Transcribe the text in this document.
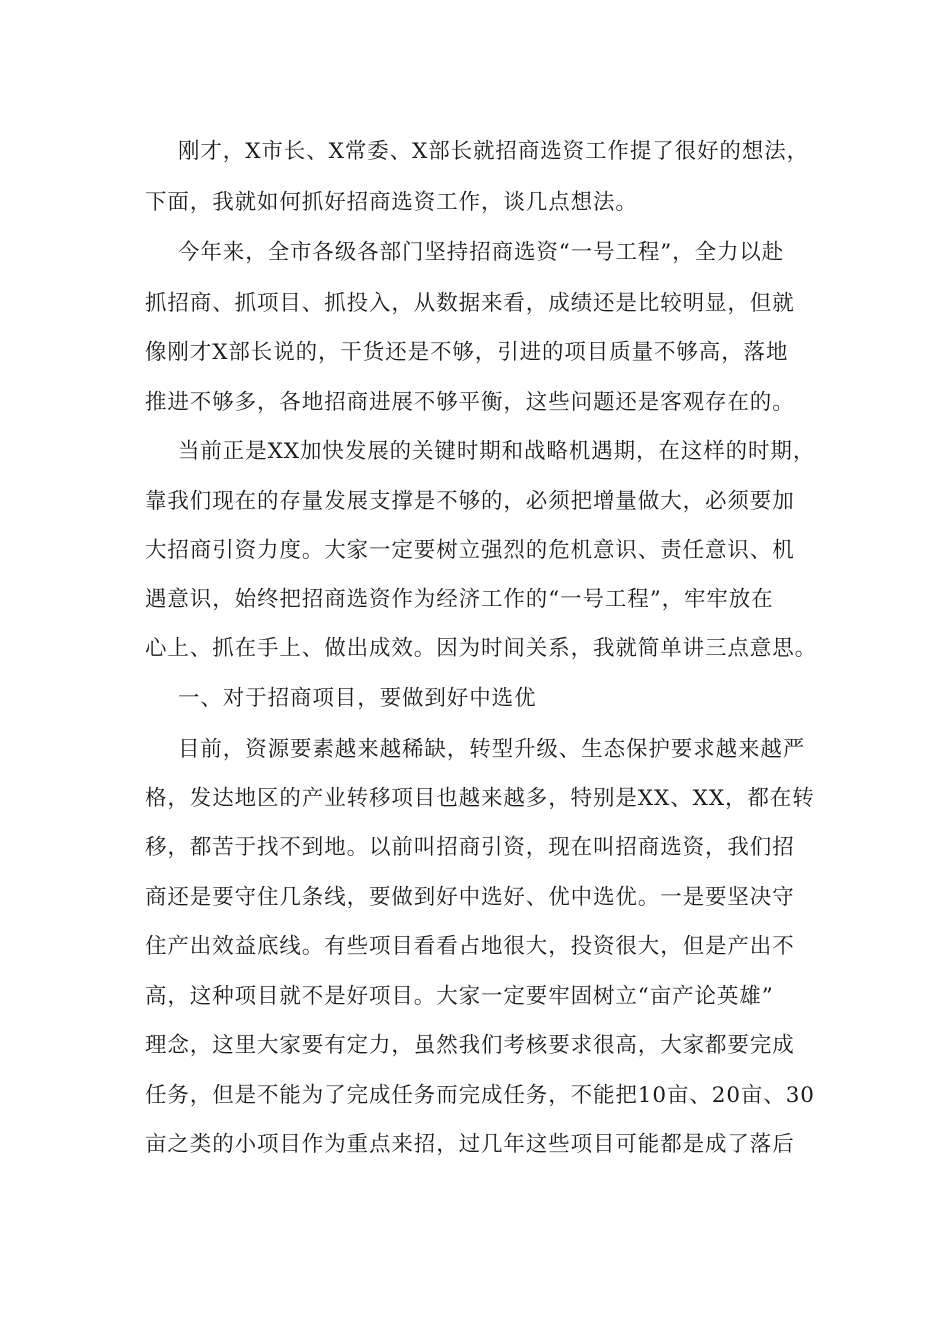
刚才，X市长、X常委、X部长就招商选资工作提了很好的想法，
下面，我就如何抓好招商选资工作，谈几点想法。
今年来，全市各级各部门坚持招商选资“一号工程”，全力以赴
抓招商、抓项目、抓投入，从数据来看，成绩还是比较明显，但就
像刚才X部长说的，干货还是不够，引进的项目质量不够高，落地
推进不够多，各地招商进展不够平衡，这些问题还是客观存在的。
当前正是XX加快发展的关键时期和战略机遇期，在这样的时期，
靠我们现在的存量发展支撑是不够的，必须把增量做大，必须要加
大招商引资力度。大家一定要树立强烈的危机意识、责任意识、机
遇意识，始终把招商选资作为经济工作的“一号工程”，牢牢放在
心上、抓在手上、做出成效。因为时间关系，我就简单讲三点意思。
一、对于招商项目，要做到好中选优
目前，资源要素越来越稀缺，转型升级、生态保护要求越来越严
格，发达地区的产业转移项目也越来越多，特别是XX、XX，都在转
移，都苦于找不到地。以前叫招商引资，现在叫招商选资，我们招
商还是要守住几条线，要做到好中选好、优中选优。一是要坚决守
住产出效益底线。有些项目看看占地很大，投资很大，但是产出不
高，这种项目就不是好项目。大家一定要牢固树立“亩产论英雄”
理念，这里大家要有定力，虽然我们考核要求很高，大家都要完成
任务，但是不能为了完成任务而完成任务，不能把10亩、20亩、30
亩之类的小项目作为重点来招，过几年这些项目可能都是成了落后
